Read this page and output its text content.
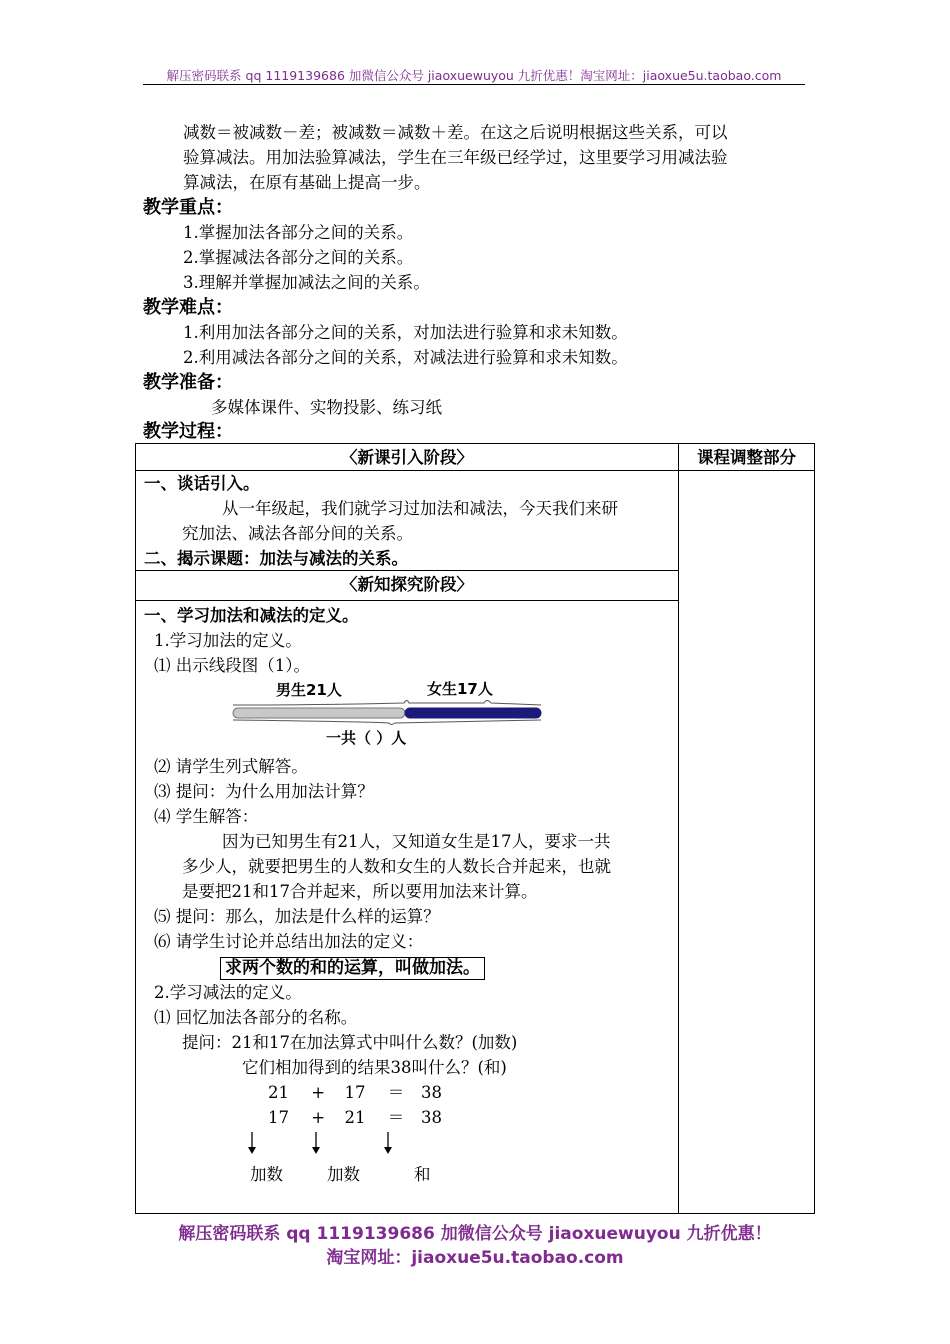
解压密码联系 qq 1119139686 加微信公众号 jiaoxuewuyou 九折优惠！淘宝网址：jiaoxue5u.taobao.com
减数＝被减数－差；被减数＝减数＋差。在这之后说明根据这些关系，可以
验算减法。用加法验算减法，学生在三年级已经学过，这里要学习用减法验
算减法，在原有基础上提高一步。
教学重点：
1.掌握加法各部分之间的关系。
2.掌握减法各部分之间的关系。
3.理解并掌握加减法之间的关系。
教学难点：
1.利用加法各部分之间的关系，对加法进行验算和求未知数。
2.利用减法各部分之间的关系，对减法进行验算和求未知数。
教学准备：
多媒体课件、实物投影、练习纸
教学过程：
〈新课引入阶段〉	课程调整部分
一、谈话引入。
从一年级起，我们就学习过加法和减法，今天我们来研
究加法、减法各部分间的关系。
二、揭示课题：加法与减法的关系。
〈新知探究阶段〉
一、学习加法和减法的定义。
1.学习加法的定义。
⑴ 出示线段图（1）。
男生21人	女生17人
一共（ ）人
⑵ 请学生列式解答。
⑶ 提问：为什么用加法计算？
⑷ 学生解答：
因为已知男生有21人，又知道女生是17人，要求一共
多少人，就要把男生的人数和女生的人数长合并起来，也就
是要把21和17合并起来，所以要用加法来计算。
⑸ 提问：那么，加法是什么样的运算？
⑹ 请学生讨论并总结出加法的定义：
求两个数的和的运算，叫做加法。
2.学习减法的定义。
⑴ 回忆加法各部分的名称。
提问：21和17在加法算式中叫什么数？(加数)
它们相加得到的结果38叫什么？(和)
21 + 17 ＝ 38
17 + 21 ＝ 38
加数	加数	和
解压密码联系 qq 1119139686 加微信公众号 jiaoxuewuyou 九折优惠！
淘宝网址：jiaoxue5u.taobao.com
